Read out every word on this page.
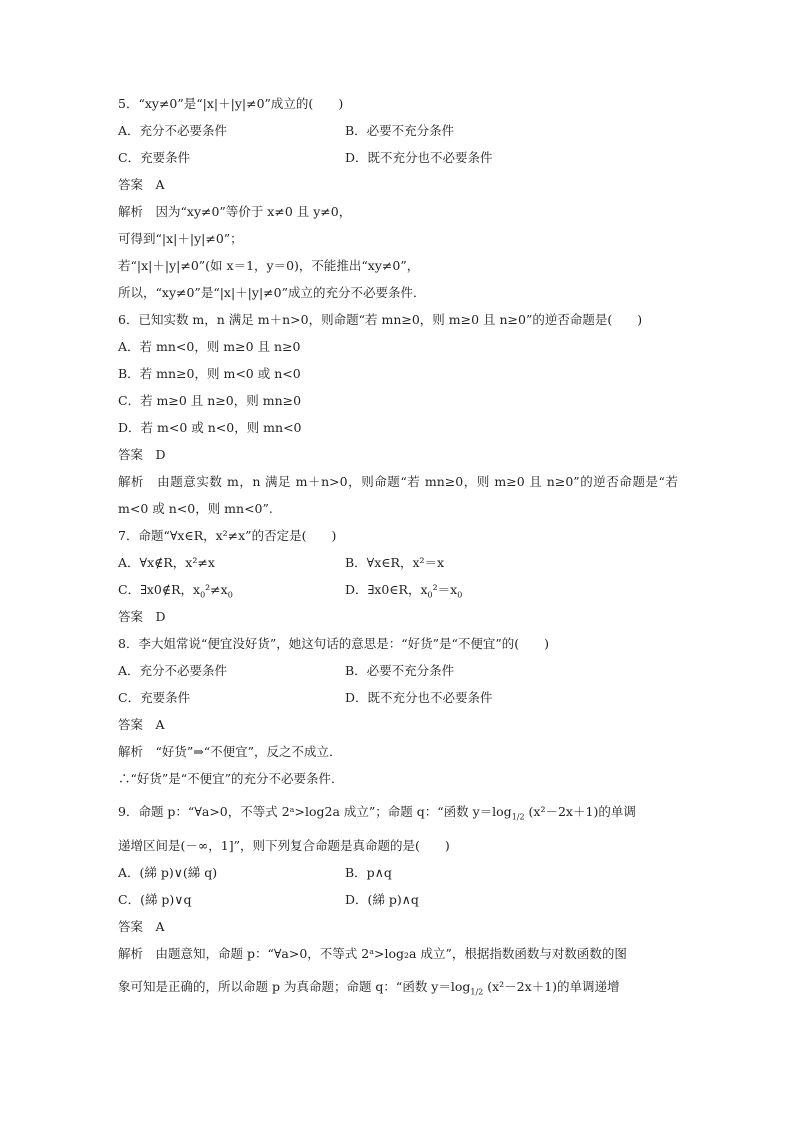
5．“xy≠0”是“|x|＋|y|≠0”成立的(　　)
A．充分不必要条件	B．必要不充分条件
C．充要条件	D．既不充分也不必要条件
答案　A
解析　因为“xy≠0”等价于 x≠0 且 y≠0，
可得到“|x|＋|y|≠0”；
若“|x|＋|y|≠0”(如 x＝1，y＝0)，不能推出“xy≠0”，
所以，“xy≠0”是“|x|＋|y|≠0”成立的充分不必要条件．
6．已知实数 m，n 满足 m＋n>0，则命题“若 mn≥0，则 m≥0 且 n≥0”的逆否命题是(　　)
A．若 mn<0，则 m≥0 且 n≥0
B．若 mn≥0，则 m<0 或 n<0
C．若 m≥0 且 n≥0，则 mn≥0
D．若 m<0 或 n<0，则 mn<0
答案　D
解析　由题意实数 m，n 满足 m＋n>0，则命题“若 mn≥0，则 m≥0 且 n≥0”的逆否命题是“若 m<0 或 n<0，则 mn<0”.
7．命题“∀x∈R，x²≠x”的否定是(　　)
A．∀x∉R，x²≠x	B．∀x∈R，x²＝x
C．∃x0∉R，$x_0^2\ne x_0$	D．∃x0∈R，$x_0^2=x_0$
答案　D
8．李大姐常说“便宜没好货”，她这句话的意思是：“好货”是“不便宜”的(　　)
A．充分不必要条件	B．必要不充分条件
C．充要条件	D．既不充分也不必要条件
答案　A
解析　“好货”⇒“不便宜”，反之不成立．
∴“好货”是“不便宜”的充分不必要条件．
9．命题 p：“∀a>0，不等式 2ᵃ>log2a 成立”；命题 q：“函数 $y=\log_{1/2}$ (x²－2x＋1)的单调
递增区间是(－∞，1]”，则下列复合命题是真命题的是(　　)
A．(綈 p)∨(綈 q)	B．p∧q
C．(綈 p)∨q	D．(綈 p)∧q
答案　A
解析　由题意知，命题 p：“∀a>0，不等式 2ᵃ>log₂a 成立”，根据指数函数与对数函数的图
象可知是正确的，所以命题 p 为真命题；命题 q：“函数 $y=\log_{1/2}$ (x²－2x＋1)的单调递增
